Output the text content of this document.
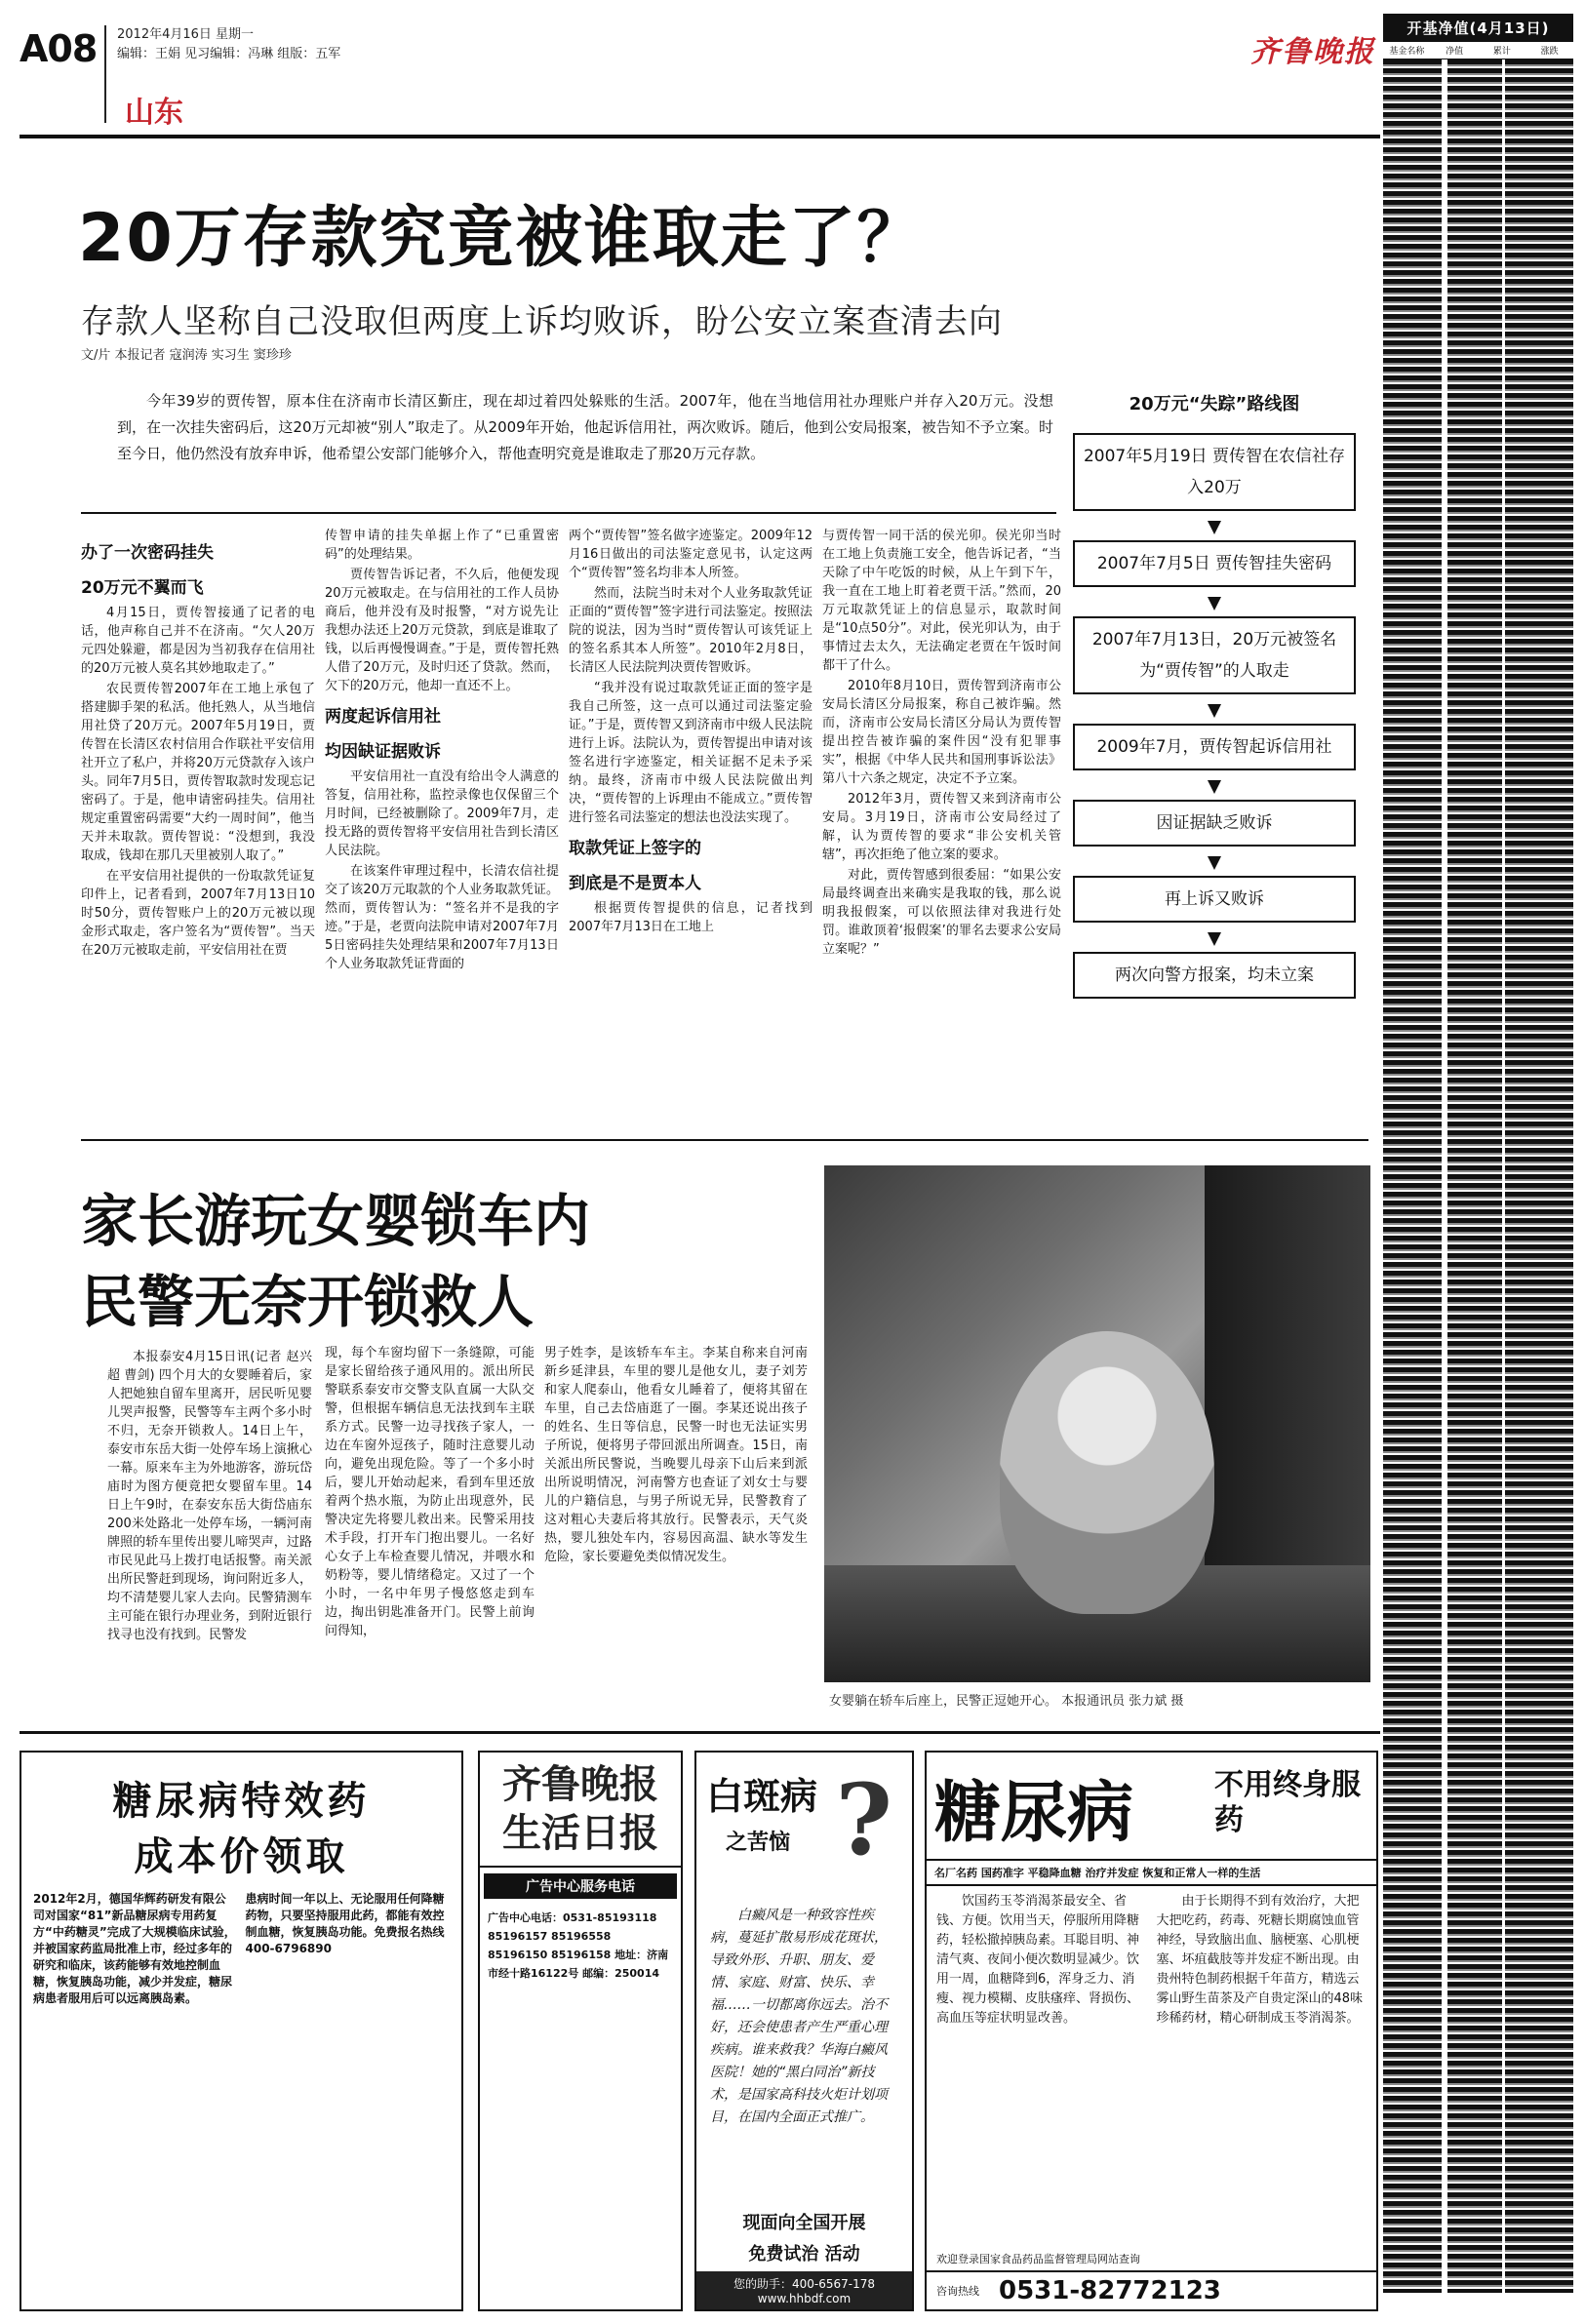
A08 2012年4月16日 星期一
编辑：王娟 见习编辑：冯琳 组版：五军
山东
齐鲁晚报
开基净值(4月13日)
基金名称	净值	累计	涨跌
20万存款究竟被谁取走了？
存款人坚称自己没取但两度上诉均败诉，盼公安立案查清去向
文/片 本报记者 寇润涛 实习生 窦珍珍
今年39岁的贾传智，原本住在济南市长清区斳庄，现在却过着四处躲账的生活。2007年，他在当地信用社办理账户并存入20万元。没想到，在一次挂失密码后，这20万元却被“别人”取走了。从2009年开始，他起诉信用社，两次败诉。随后，他到公安局报案，被告知不予立案。时至今日，他仍然没有放弃申诉，他希望公安部门能够介入，帮他查明究竟是谁取走了那20万元存款。
办了一次密码挂失
20万元不翼而飞

4月15日，贾传智接通了记者的电话，他声称自己并不在济南。“欠人20万元四处躲避，都是因为当初我存在信用社的20万元被人莫名其妙地取走了。”

农民贾传智2007年在工地上承包了搭建脚手架的私活。他托熟人，从当地信用社贷了20万元。2007年5月19日，贾传智在长清区农村信用合作联社平安信用社开立了私户，并将20万元贷款存入该户头。同年7月5日，贾传智取款时发现忘记密码了。于是，他申请密码挂失。信用社规定重置密码需要“大约一周时间”，他当天并未取款。贾传智说：“没想到，我没取成，钱却在那几天里被别人取了。”

在平安信用社提供的一份取款凭证复印件上，记者看到，2007年7月13日10时50分，贾传智账户上的20万元被以现金形式取走，客户签名为“贾传智”。当天在20万元被取走前，平安信用社在贾

传智申请的挂失单据上作了“已重置密码”的处理结果。

贾传智告诉记者，不久后，他便发现20万元被取走。在与信用社的工作人员协商后，他并没有及时报警，“对方说先让我想办法还上20万元贷款，到底是谁取了钱，以后再慢慢调查。”于是，贾传智托熟人借了20万元，及时归还了贷款。然而，欠下的20万元，他却一直还不上。

两度起诉信用社
均因缺证据败诉

平安信用社一直没有给出令人满意的答复，信用社称，监控录像也仅保留三个月时间，已经被删除了。2009年7月，走投无路的贾传智将平安信用社告到长清区人民法院。

在该案件审理过程中，长清农信社提交了该20万元取款的个人业务取款凭证。然而，贾传智认为：“签名并不是我的字迹。”于是，老贾向法院申请对2007年7月5日密码挂失处理结果和2007年7月13日个人业务取款凭证背面的

两个“贾传智”签名做字迹鉴定。2009年12月16日做出的司法鉴定意见书，认定这两个“贾传智”签名均非本人所签。

然而，法院当时未对个人业务取款凭证正面的“贾传智”签字进行司法鉴定。按照法院的说法，因为当时“贾传智认可该凭证上的签名系其本人所签”。2010年2月8日，长清区人民法院判决贾传智败诉。

“我并没有说过取款凭证正面的签字是我自己所签，这一点可以通过司法鉴定验证。”于是，贾传智又到济南市中级人民法院进行上诉。法院认为，贾传智提出申请对该签名进行字迹鉴定，相关证据不足未予采纳。最终，济南市中级人民法院做出判决，“贾传智的上诉理由不能成立。”贾传智进行签名司法鉴定的想法也没法实现了。

取款凭证上签字的
到底是不是贾本人

根据贾传智提供的信息，记者找到2007年7月13日在工地上

与贾传智一同干活的侯光卯。侯光卯当时在工地上负责施工安全，他告诉记者，“当天除了中午吃饭的时候，从上午到下午，我一直在工地上盯着老贾干活。”然而，20万元取款凭证上的信息显示，取款时间是“10点50分”。对此，侯光卯认为，由于事情过去太久，无法确定老贾在午饭时间都干了什么。

2010年8月10日，贾传智到济南市公安局长清区分局报案，称自己被诈骗。然而，济南市公安局长清区分局认为贾传智提出控告被诈骗的案件因“没有犯罪事实”，根据《中华人民共和国刑事诉讼法》第八十六条之规定，决定不予立案。

2012年3月，贾传智又来到济南市公安局。3月19日，济南市公安局经过了解，认为贾传智的要求“非公安机关管辖”，再次拒绝了他立案的要求。

对此，贾传智感到很委屈：“如果公安局最终调查出来确实是我取的钱，那么说明我报假案，可以依照法律对我进行处罚。谁敢顶着‘报假案’的罪名去要求公安局立案呢？”

20万元“失踪”路线图
2007年5月19日 贾传智在农信社存入20万
2007年7月5日 贾传智挂失密码
2007年7月13日，20万元被签名为“贾传智”的人取走
2009年7月，贾传智起诉信用社
因证据缺乏败诉
再上诉又败诉
两次向警方报案，均未立案
家长游玩女婴锁车内
民警无奈开锁救人

本报泰安4月15日讯(记者 赵兴超 曹剑) 四个月大的女婴睡着后，家人把她独自留车里离开，居民听见婴儿哭声报警，民警等车主两个多小时不归，无奈开锁救人。14日上午，泰安市东岳大街一处停车场上演揪心一幕。原来车主为外地游客，游玩岱庙时为图方便竟把女婴留车里。14日上午9时，在泰安东岳大街岱庙东200米处路北一处停车场，一辆河南牌照的轿车里传出婴儿啼哭声，过路市民见此马上拨打电话报警。南关派出所民警赶到现场，询问附近多人，均不清楚婴儿家人去向。民警猜测车主可能在银行办理业务，到附近银行找寻也没有找到。民警发

现，每个车窗均留下一条缝隙，可能是家长留给孩子通风用的。派出所民警联系泰安市交警支队直属一大队交警，但根据车辆信息无法找到车主联系方式。民警一边寻找孩子家人，一边在车窗外逗孩子，随时注意婴儿动向，避免出现危险。等了一个多小时后，婴儿开始动起来，看到车里还放着两个热水瓶，为防止出现意外，民警决定先将婴儿救出来。民警采用技术手段，打开车门抱出婴儿。一名好心女子上车检查婴儿情况，并喂水和奶粉等，婴儿情绪稳定。又过了一个小时，一名中年男子慢悠悠走到车边，掏出钥匙准备开门。民警上前询问得知，

男子姓李，是该轿车车主。李某自称来自河南新乡延津县，车里的婴儿是他女儿，妻子刘芳和家人爬泰山，他看女儿睡着了，便将其留在车里，自己去岱庙逛了一圈。李某还说出孩子的姓名、生日等信息，民警一时也无法证实男子所说，便将男子带回派出所调查。15日，南关派出所民警说，当晚婴儿母亲下山后来到派出所说明情况，河南警方也查证了刘女士与婴儿的户籍信息，与男子所说无异，民警教育了这对粗心夫妻后将其放行。民警表示，天气炎热，婴儿独处车内，容易因高温、缺水等发生危险，家长要避免类似情况发生。

女婴躺在轿车后座上，民警正逗她开心。 本报通讯员 张力斌 摄
糖尿病特效药
成本价领取
2012年2月，德国华辉药研发有限公司对国家“81”新品糖尿病专用药复方“中药糖灵”完成了大规模临床试验，并被国家药监局批准上市，经过多年的研究和临床，该药能够有效地控制血糖，恢复胰岛功能，减少并发症，糖尿病患者服用后可以远离胰岛素。
患病时间一年以上、无论服用任何降糖药物，只要坚持服用此药，都能有效控制血糖，恢复胰岛功能。免费报名热线400-6796890
齐鲁晚报 生活日报
广告中心服务电话
广告中心电话：0531-85193118 85196157 85196558 85196150 85196158 地址：济南市经十路16122号 邮编：250014
?
白斑病
之苦恼
白癜风是一种致容性疾病，蔓延扩散易形成花斑状，导致外形、升职、朋友、爱情、家庭、财富、快乐、幸福……一切都离你远去。治不好，还会使患者产生严重心理疾病。谁来救我？华海白癜风医院！她的“黑白同治”新技术，是国家高科技火炬计划项目，在国内全面正式推广。
现面向全国开展
免费试治 活动
您的助手：400-6567-178 www.hhbdf.com
糖尿病	不用终身服药
名厂名药 国药准字 平稳降血糖 治疗并发症 恢复和正常人一样的生活
饮国药玉苓消渴茶最安全、省钱、方便。饮用当天，停服所用降糖药，轻松撤掉胰岛素。耳聪目明、神清气爽、夜间小便次数明显减少。饮用一周，血糖降到6，浑身乏力、消瘦、视力模糊、皮肤瘙痒、肾损伤、高血压等症状明显改善。
由于长期得不到有效治疗，大把大把吃药，药毒、死糖长期腐蚀血管神经，导致脑出血、脑梗塞、心肌梗塞、坏疽截肢等并发症不断出现。由贵州特色制药根据千年苗方，精选云雾山野生苗茶及产自贵定深山的48味珍稀药材，精心研制成玉苓消渴茶。
欢迎登录国家食品药品监督管理局网站查询
咨询热线 0531-82772123
